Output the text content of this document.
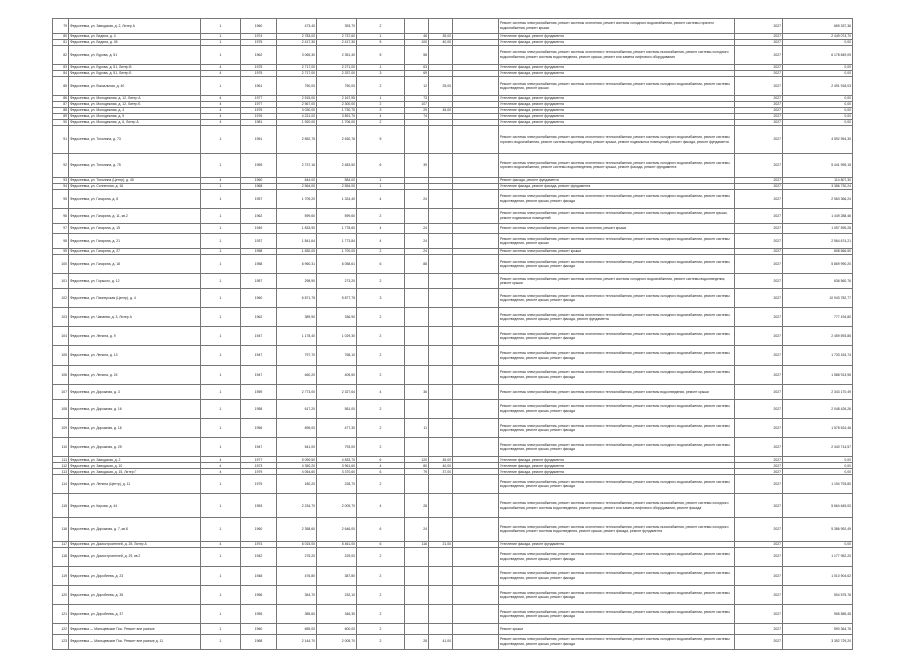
79	Федосеевка, ул. Заводская, д. 2, Литер А	1	1960	473,40	393,70	2				Ремонт системы электроснабжения, ремонт системы отопления, ремонт системы холодного водоснабжения, ремонт системы горячего водоснабжения, ремонт крыши	2027	669 337,36
80	Федосеевка, ул. Бедина, д. 4	1	1974	2 783,00	2 737,60	1	46	35,00		Утепление фасада, ремонт фундамента	2027	2 449 074,70
81	Федосеевка, ул. Бедина, д. 45	1	1975	2 417,30	2 417,30	5	100	40,00		Утепление фасада, ремонт фундамента	2027	0,00
82	Федосеевка, ул. Бурова, д. 51	1	1962	3 065,30	2 351,40	5	58			Ремонт системы электроснабжения, ремонт системы отопления и теплоснабжения, ремонт системы газоснабжения, ремонт системы холодного водоснабжения, ремонт системы водоотведения, ремонт крыши, ремонт или замена лифтового оборудования	2027	6 178 849,09
83	Федосеевка, ул. Бурова, д. 51, Литер В	4	1975	2 717,00	2 271,00	1	63			Утепление фасада, ремонт фундамента	2027	0,00
84	Федосеевка, ул. Бурова, д. 51, Литер Б	4	1975	2 717,00	2 337,00	3	69			Утепление фасада, ремонт фундамента	2027	0,00
85	Федосеевка, ул. Вокзальная, д. 40	1	1961	750,00	750,00	2	12	25,00		Ремонт системы электроснабжения, ремонт системы отопления и теплоснабжения, ремонт системы холодного водоснабжения, ремонт системы водоотведения, ремонт крыши	2027	2 491 918,03
86	Федосеевка, ул. Молодежная, д. 12, Литер А	4	1977	2 515,00	2 167,95	1	73			Утепление фасада, ремонт фундамента	2027	0,00
87	Федосеевка, ул. Молодежная, д. 12, Литер Б	4	1977	2 567,00	2 300,00	2	107			Утепление фасада, ремонт фундамента	2027	0,00
88	Федосеевка, ул. Молодежная, д. 4	4	1975	3 030,00	1 730,70	3	29	45,00		Утепление фасада, ремонт фундамента	2027	0,00
89	Федосеевка, ул. Молодежная, д. 5	4	1976	4 221,00	3 891,70	4	74			Утепление фасада, ремонт фундамента	2027	0,00
90	Федосеевка, ул. Молодежная, д. 6, Литер А	4	1981	1 920,00	1 706,00	2				Утепление фасада, ремонт фундамента	2027	0,00
91	Федосеевка, ул. Тополина, д. 73	1	1951	2 852,75	2 630,76	5				Ремонт системы электроснабжения, ремонт системы отопления и теплоснабжения, ремонт системы холодного водоснабжения, ремонт системы горячего водоснабжения, ремонт системы водоотведения, ремонт крыши, ремонт подвальных помещений, ремонт фасада, ремонт фундамента	2027	4 592 954,30
92	Федосеевка, ул. Тополина, д. 75	1	1955	2 737,16	2 483,50	6	39			Ремонт системы электроснабжения, ремонт системы отопления и теплоснабжения, ремонт системы холодного водоснабжения, ремонт системы горячего водоснабжения, ремонт системы водоотведения, ремонт крыши, ремонт фасада, ремонт фундамента	2027	5 441 995,15
93	Федосеевка, ул. Тополина (Центр), д. 45	4	1960	644,00	584,00	1				Ремонт фасада, ремонт фундамента	2027	114 807,30
94	Федосеевка, ул. Солнечная, д. 16	1	1968	2 564,00	2 554,00	1				Утепление фасада, ремонт фасада, ремонт фундамента	2027	3 386 730,24
95	Федосеевка, ул. Гагарина, д. 8	1	1957	1 709,20	1 324,40	4	24			Ремонт системы электроснабжения, ремонт системы отопления и теплоснабжения, ремонт системы холодного водоснабжения, ремонт системы водоотведения, ремонт крыши, ремонт фасада	2027	2 563 366,24
96	Федосеевка, ул. Гагарина, д. 11, кв.2	1	1962	599,60	599,60	2				Ремонт системы электроснабжения, ремонт системы отопления и теплоснабжения, ремонт системы холодного водоснабжения, ремонт крыши, ремонт подвальных помещений	2027	1 449 288,46
97	Федосеевка, ул. Гагарина, д. 15	1	1949	1 833,90	1 778,60	4	24			Ремонт системы электроснабжения, ремонт системы отопления, ремонт крыши	2027	1 057 595,28
98	Федосеевка, ул. Гагарина, д. 21	1	1937	1 841,64	1 773,84	4	24			Ремонт системы электроснабжения, ремонт системы отопления и теплоснабжения, ремонт системы холодного водоснабжения, ремонт системы водоотведения, ремонт крыши	2027	2 564 674,21
99	Федосеевка, ул. Гагарина, д. 27	1	1958	1 830,00	1 700,00	2	24			Ремонт системы электроснабжения, ремонт крыши	2027	808 566,50
100	Федосеевка, ул. Гагарина, д. 18	1	1958	6 960,31	6 058,61	6	88			Ремонт системы электроснабжения, ремонт системы отопления и теплоснабжения, ремонт системы холодного водоснабжения, ремонт системы водоотведения, ремонт крыши, ремонт фасада	2027	5 869 990,20
101	Федосеевка, ул. Горького, д. 12	1	1957	298,90	273,20	2				Ремонт системы электроснабжения, ремонт системы отопления, ремонт системы холодного водоснабжения, ремонт системы водоотведения, ремонт крыши	2027	636 560,76
102	Федосеевка, ул. Пионерская (Центр), д. 4	1	1960	6 871,75	5 877,75	3				Ремонт системы электроснабжения, ремонт системы отопления и теплоснабжения, ремонт системы холодного водоснабжения, ремонт системы водоотведения, ремонт крыши, ремонт фасада	2027	10 943 782,77
103	Федосеевка, ул. Чапаева, д. 3, Литер А	1	1962	389,90	336,90	2				Ремонт системы электроснабжения, ремонт системы отопления и теплоснабжения, ремонт системы холодного водоснабжения, ремонт системы водоотведения, ремонт крыши, ремонт фасада, ремонт фундамента	2027	777 194,80
104	Федосеевка, ул. Ленина, д. 9	1	1947	1 178,40	1 029,30	2				Ремонт системы электроснабжения, ремонт системы отопления и теплоснабжения, ремонт системы холодного водоснабжения, ремонт системы водоотведения, ремонт крыши, ремонт фасада	2027	2 459 593,85
105	Федосеевка, ул. Ленина, д. 13	1	1947	797,70	768,10	2				Ремонт системы электроснабжения, ремонт системы отопления и теплоснабжения, ремонт системы холодного водоснабжения, ремонт системы водоотведения, ремонт крыши, ремонт фасада	2027	1 733 154,74
106	Федосеевка, ул. Ленина, д. 24	1	1947	460,20	405,50	2				Ремонт системы электроснабжения, ремонт системы отопления и теплоснабжения, ремонт системы холодного водоснабжения, ремонт системы водоотведения, ремонт крыши, ремонт фасада	2027	1 588 913,96
107	Федосеевка, ул. Дорожная, д. 3	1	1959	2 773,00	2 327,64	4	36			Ремонт системы электроснабжения, ремонт системы отопления и теплоснабжения, ремонт системы водоотведения, ремонт крыши	2027	2 343 170,49
108	Федосеевка, ул. Дорожная, д. 16	1	1958	617,20	551,00	2				Ремонт системы электроснабжения, ремонт системы отопления и теплоснабжения, ремонт системы холодного водоснабжения, ремонт системы водоотведения, ремонт крыши, ремонт фасада	2027	2 048 426,26
109	Федосеевка, ул. Дорожная, д. 16	1	1956	695,00	477,30	2	11			Ремонт системы электроснабжения, ремонт системы отопления и теплоснабжения, ремонт системы холодного водоснабжения, ремонт системы водоотведения, ремонт крыши, ремонт фасада	2027	1 578 524,46
110	Федосеевка, ул. Дорожная, д. 25	1	1947	541,00	793,00	2				Ремонт системы электроснабжения, ремонт системы отопления и теплоснабжения, ремонт системы холодного водоснабжения, ремонт системы водоотведения, ремонт крыши, ремонт фасада	2027	2 340 714,57
111	Федосеевка, ул. Заводская, д. 2	4	1977	5 090,50	4 833,70	6	120	45,00		Утепление фасада, ремонт фундамента	2027	0,00
112	Федосеевка, ул. Заводская, д. 10	4	1973	4 350,20	3 961,60	4	80	40,00		Утепление фасада, ремонт фундамента	2027	0,00
113	Федосеевка, ул. Заводская, д. 15, Литер Г	4	1979	4 054,60	3 370,60	6	79	37,00		Утепление фасада, ремонт фундамента	2027	0,00
114	Федосеевка, ул. Ленина (Центр), д. 11	1	1975	180,20	228,70	2				Ремонт системы электроснабжения, ремонт системы отопления и теплоснабжения, ремонт системы холодного водоснабжения, ремонт системы водоотведения, ремонт крыши, ремонт фасада	2027	1 194 793,80
115	Федосеевка, ул. Кирова, д. 44	1	1953	2 234,70	2 005,70	4	28			Ремонт системы электроснабжения, ремонт системы отопления и теплоснабжения, ремонт системы газоснабжения, ремонт системы холодного водоснабжения, ремонт системы водоотведения, ремонт крыши, ремонт или замена лифтового оборудования, ремонт фасада	2027	5 664 645,00
116	Федосеевка, ул. Дорожная, д. 7, кв.8	1	1960	2 358,60	2 646,00	6	24			Ремонт системы электроснабжения, ремонт системы отопления и теплоснабжения, ремонт системы газоснабжения, ремонт системы холодного водоснабжения, ремонт системы водоотведения, ремонт крыши, ремонт фасада, ремонт фундамента	2027	5 386 992,49
117	Федосеевка, ул. Домостроителей, д. 25, Литер А	4	1974	6 015,00	5 461,00	6	116	21,00		Утепление фасада, ремонт фундамента	2027	0,00
118	Федосеевка, ул. Домостроителей, д. 29, кв.2	1	1942	275,20	225,00	2				Ремонт системы электроснабжения, ремонт системы отопления и теплоснабжения, ремонт системы холодного водоснабжения, ремонт системы водоотведения, ремонт крыши, ремонт фасада	2027	1 177 952,20
119	Федосеевка, ул. Доробеева, д. 23	1	1948	476,80	387,80	2				Ремонт системы электроснабжения, ремонт системы отопления и теплоснабжения, ремонт системы холодного водоснабжения, ремонт системы водоотведения, ремонт крыши, ремонт фасада	2027	1 010 904,62
120	Федосеевка, ул. Доробеева, д. 35	1	1956	354,70	232,10	2				Ремонт системы электроснабжения, ремонт системы отопления и теплоснабжения, ремонт системы холодного водоснабжения, ремонт системы водоотведения, ремонт крыши, ремонт фасада	2027	504 575,76
121	Федосеевка, ул. Доробеева, д. 37	1	1955	385,60	346,30	2				Ремонт системы электроснабжения, ремонт системы отопления и теплоснабжения, ремонт системы холодного водоснабжения, ремонт системы водоотведения, ремонт крыши, ремонт фасада	2027	965 585,45
122	Федосеевка — Мальцевские Пос. Ремонт вне разные	1	1960	655,00	600,00	2				Ремонт крыши	2027	590 364,76
123	Федосеевка — Мальцевские Пос. Ремонт вне разные д. 11	1	1968	2 144,70	2 005,70	2	28	41,00		Ремонт системы электроснабжения, ремонт системы отопления и теплоснабжения, ремонт системы холодного водоснабжения, ремонт системы водоотведения, ремонт крыши, ремонт фасада	2027	3 352 729,20
